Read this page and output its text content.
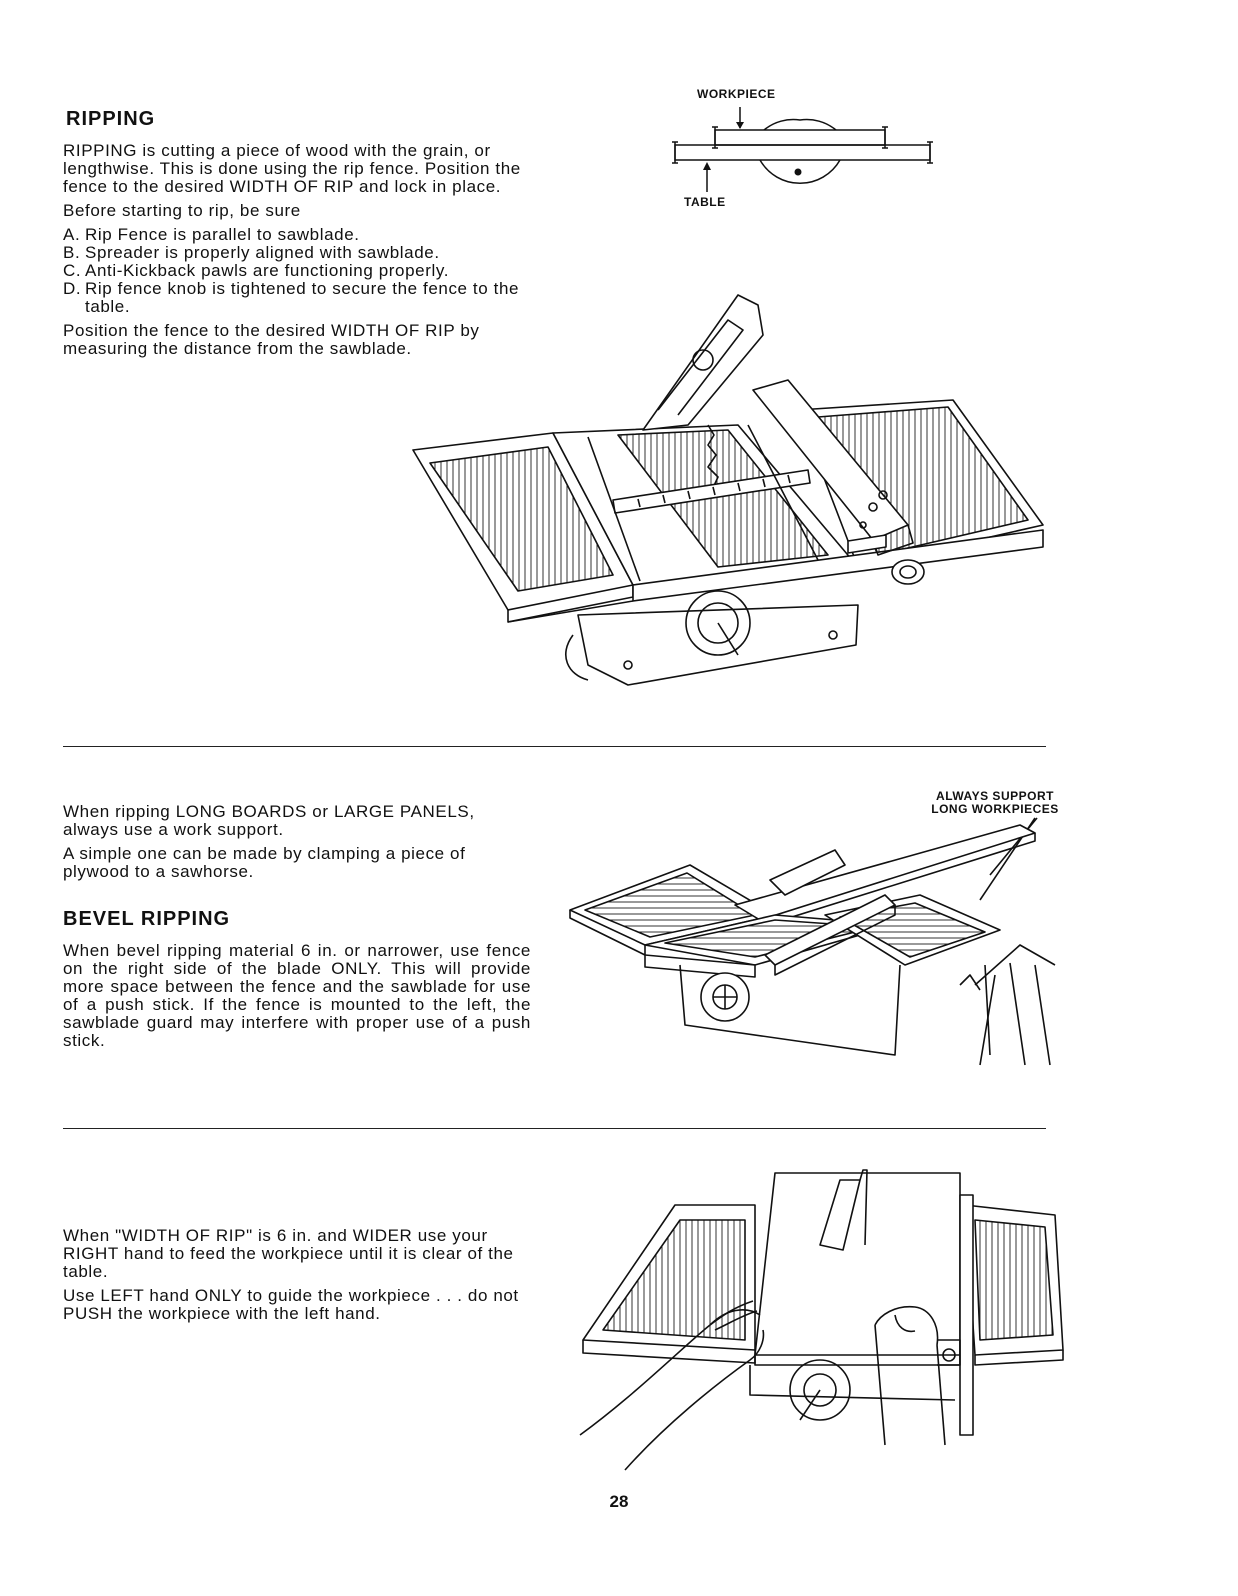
RIPPING

RIPPING is cutting a piece of wood with the grain, or lengthwise. This is done using the rip fence. Position the fence to the desired WIDTH OF RIP and lock in place.

Before starting to rip, be sure

A. Rip Fence is parallel to sawblade.
B. Spreader is properly aligned with sawblade.
C. Anti-Kickback pawls are functioning properly.
D. Rip fence knob is tightened to secure the fence to the table.

Position the fence to the desired WIDTH OF RIP by measuring the distance from the sawblade.

WORKPIECE
TABLE

When ripping LONG BOARDS or LARGE PANELS, always use a work support.

A simple one can be made by clamping a piece of plywood to a sawhorse.

ALWAYS SUPPORT
LONG WORKPIECES
BEVEL RIPPING
When bevel ripping material 6 in. or narrower, use fence on the right side of the blade ONLY. This will provide more space between the fence and the sawblade for use of a push stick. If the fence is mounted to the left, the sawblade guard may interfere with proper use of a push stick.

When "WIDTH OF RIP" is 6 in. and WIDER use your RIGHT hand to feed the workpiece until it is clear of the table.

Use LEFT hand ONLY to guide the workpiece . . . do not PUSH the workpiece with the left hand.

28
